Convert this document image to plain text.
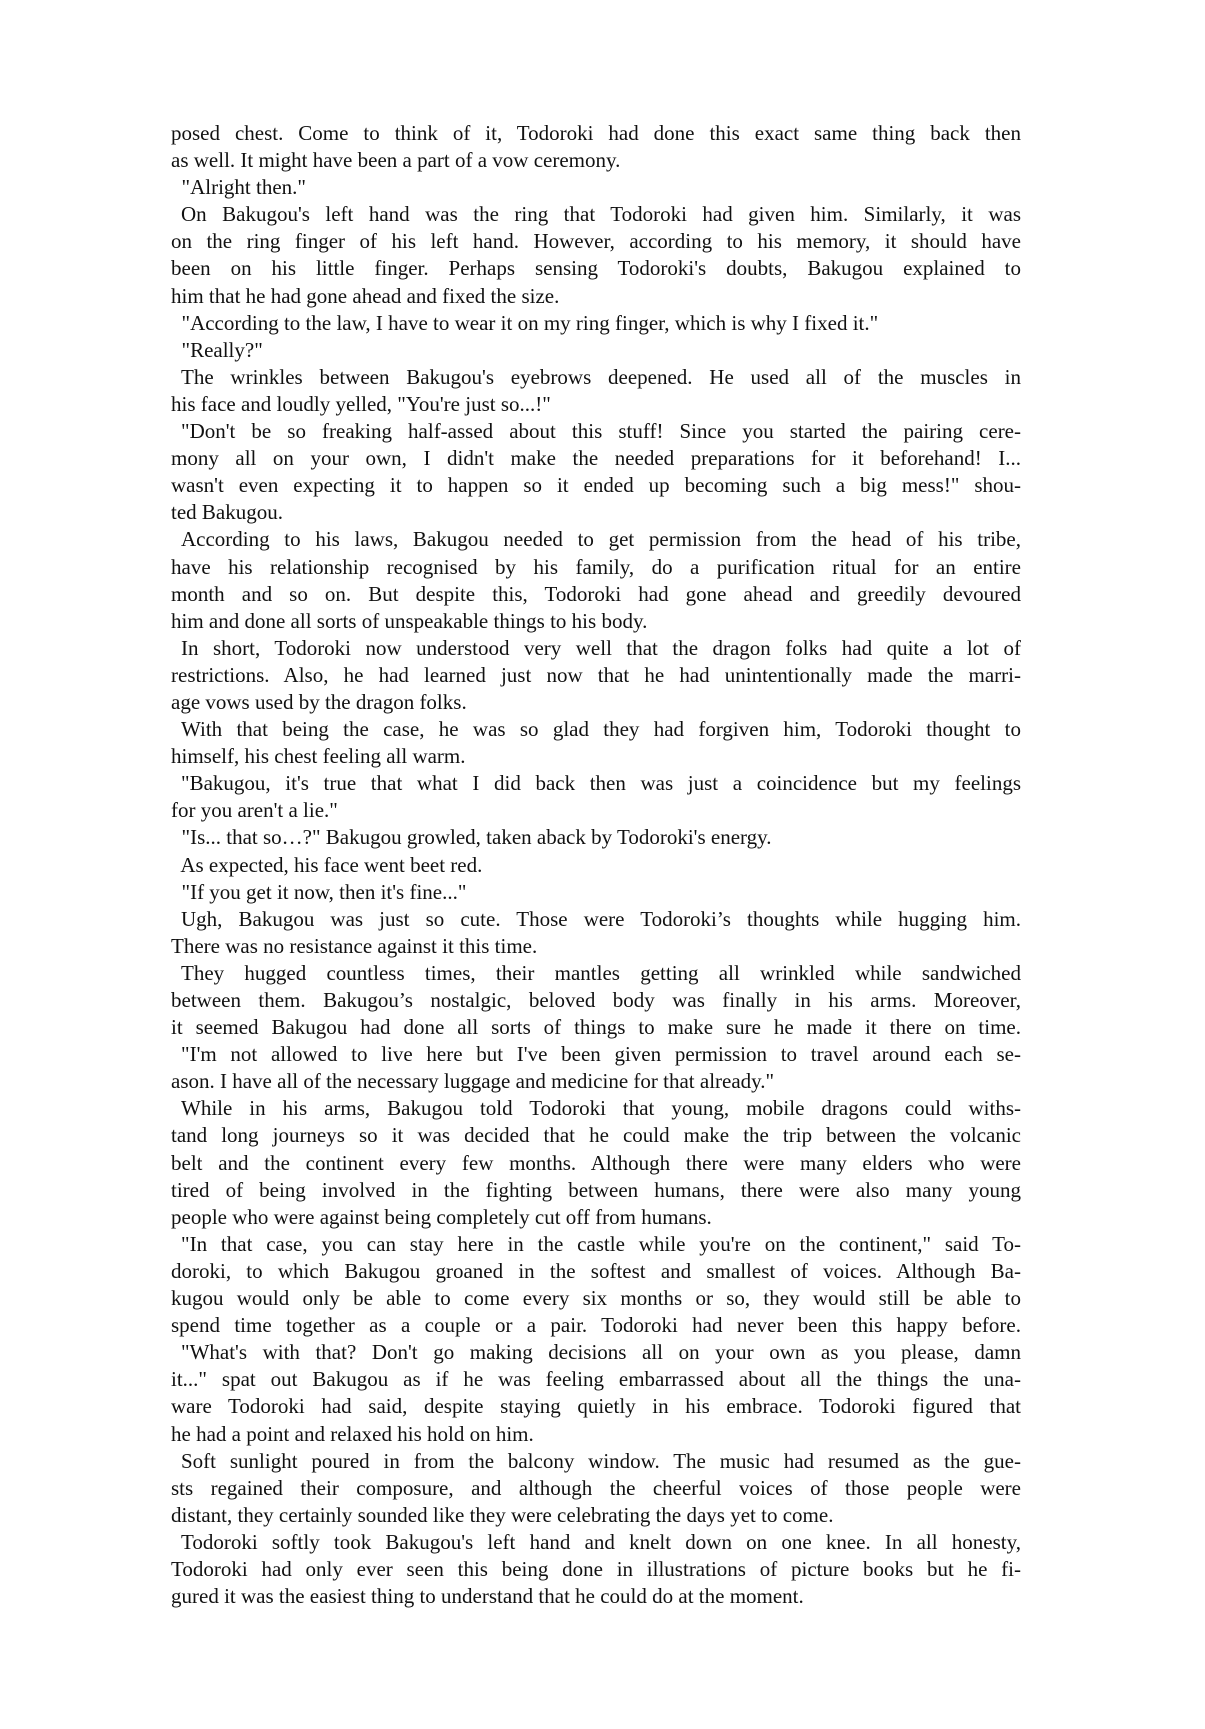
posed chest. Come to think of it, Todoroki had done this exact same thing back then
as well. It might have been a part of a vow ceremony.
"Alright then."
On Bakugou's left hand was the ring that Todoroki had given him. Similarly, it was
on the ring finger of his left hand. However, according to his memory, it should have
been on his little finger. Perhaps sensing Todoroki's doubts, Bakugou explained to
him that he had gone ahead and fixed the size.
"According to the law, I have to wear it on my ring finger, which is why I fixed it."
"Really?"
The wrinkles between Bakugou's eyebrows deepened. He used all of the muscles in
his face and loudly yelled, "You're just so...!"
"Don't be so freaking half-assed about this stuff! Since you started the pairing cere-
mony all on your own, I didn't make the needed preparations for it beforehand! I...
wasn't even expecting it to happen so it ended up becoming such a big mess!" shou-
ted Bakugou.
According to his laws, Bakugou needed to get permission from the head of his tribe,
have his relationship recognised by his family, do a purification ritual for an entire
month and so on. But despite this, Todoroki had gone ahead and greedily devoured
him and done all sorts of unspeakable things to his body.
In short, Todoroki now understood very well that the dragon folks had quite a lot of
restrictions. Also, he had learned just now that he had unintentionally made the marri-
age vows used by the dragon folks.
With that being the case, he was so glad they had forgiven him, Todoroki thought to
himself, his chest feeling all warm.
"Bakugou, it's true that what I did back then was just a coincidence but my feelings
for you aren't a lie."
"Is... that so…?" Bakugou growled, taken aback by Todoroki's energy.
As expected, his face went beet red.
"If you get it now, then it's fine..."
Ugh, Bakugou was just so cute. Those were Todoroki’s thoughts while hugging him.
There was no resistance against it this time.
They hugged countless times, their mantles getting all wrinkled while sandwiched
between them. Bakugou’s nostalgic, beloved body was finally in his arms. Moreover,
it seemed Bakugou had done all sorts of things to make sure he made it there on time.
"I'm not allowed to live here but I've been given permission to travel around each se-
ason. I have all of the necessary luggage and medicine for that already."
While in his arms, Bakugou told Todoroki that young, mobile dragons could withs-
tand long journeys so it was decided that he could make the trip between the volcanic
belt and the continent every few months. Although there were many elders who were
tired of being involved in the fighting between humans, there were also many young
people who were against being completely cut off from humans.
"In that case, you can stay here in the castle while you're on the continent," said To-
doroki, to which Bakugou groaned in the softest and smallest of voices. Although Ba-
kugou would only be able to come every six months or so, they would still be able to
spend time together as a couple or a pair. Todoroki had never been this happy before.
"What's with that? Don't go making decisions all on your own as you please, damn
it..." spat out Bakugou as if he was feeling embarrassed about all the things the una-
ware Todoroki had said, despite staying quietly in his embrace. Todoroki figured that
he had a point and relaxed his hold on him.
Soft sunlight poured in from the balcony window. The music had resumed as the gue-
sts regained their composure, and although the cheerful voices of those people were
distant, they certainly sounded like they were celebrating the days yet to come.
Todoroki softly took Bakugou's left hand and knelt down on one knee. In all honesty,
Todoroki had only ever seen this being done in illustrations of picture books but he fi-
gured it was the easiest thing to understand that he could do at the moment.
